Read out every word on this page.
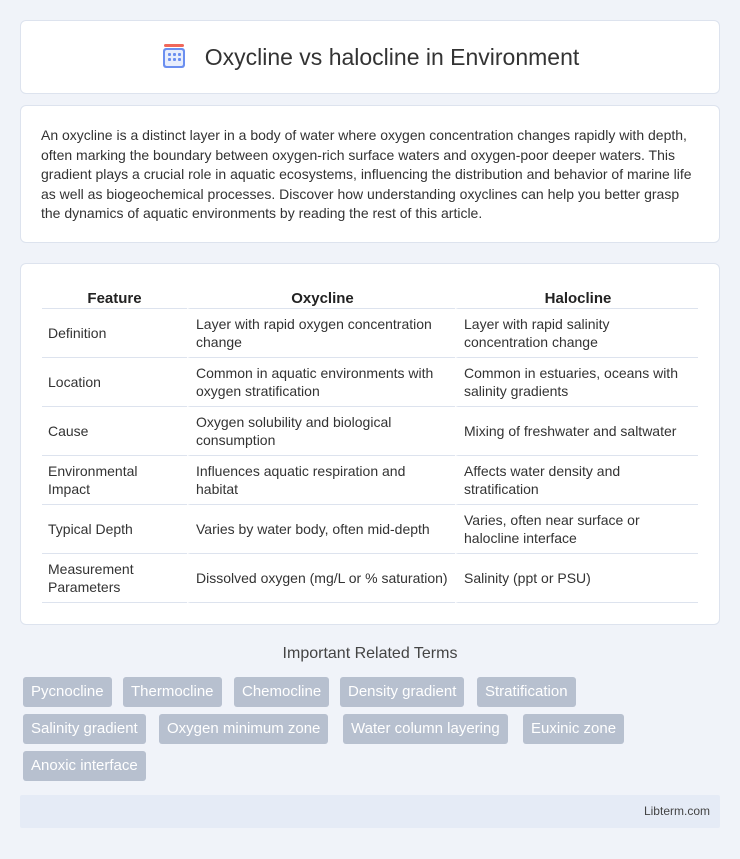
Oxycline vs halocline in Environment

An oxycline is a distinct layer in a body of water where oxygen concentration changes rapidly with depth, often marking the boundary between oxygen-rich surface waters and oxygen-poor deeper waters. This gradient plays a crucial role in aquatic ecosystems, influencing the distribution and behavior of marine life as well as biogeochemical processes. Discover how understanding oxyclines can help you better grasp the dynamics of aquatic environments by reading the rest of this article.

Feature	Oxycline	Halocline
Definition	Layer with rapid oxygen concentration change	Layer with rapid salinity concentration change
Location	Common in aquatic environments with oxygen stratification	Common in estuaries, oceans with salinity gradients
Cause	Oxygen solubility and biological consumption	Mixing of freshwater and saltwater
Environmental Impact	Influences aquatic respiration and habitat	Affects water density and stratification
Typical Depth	Varies by water body, often mid-depth	Varies, often near surface or halocline interface
Measurement Parameters	Dissolved oxygen (mg/L or % saturation)	Salinity (ppt or PSU)
Important Related Terms
Pycnocline	Thermocline	Chemocline	Density gradient	Stratification
Salinity gradient	Oxygen minimum zone	Water column layering	Euxinic zone
Anoxic interface
Libterm.com
